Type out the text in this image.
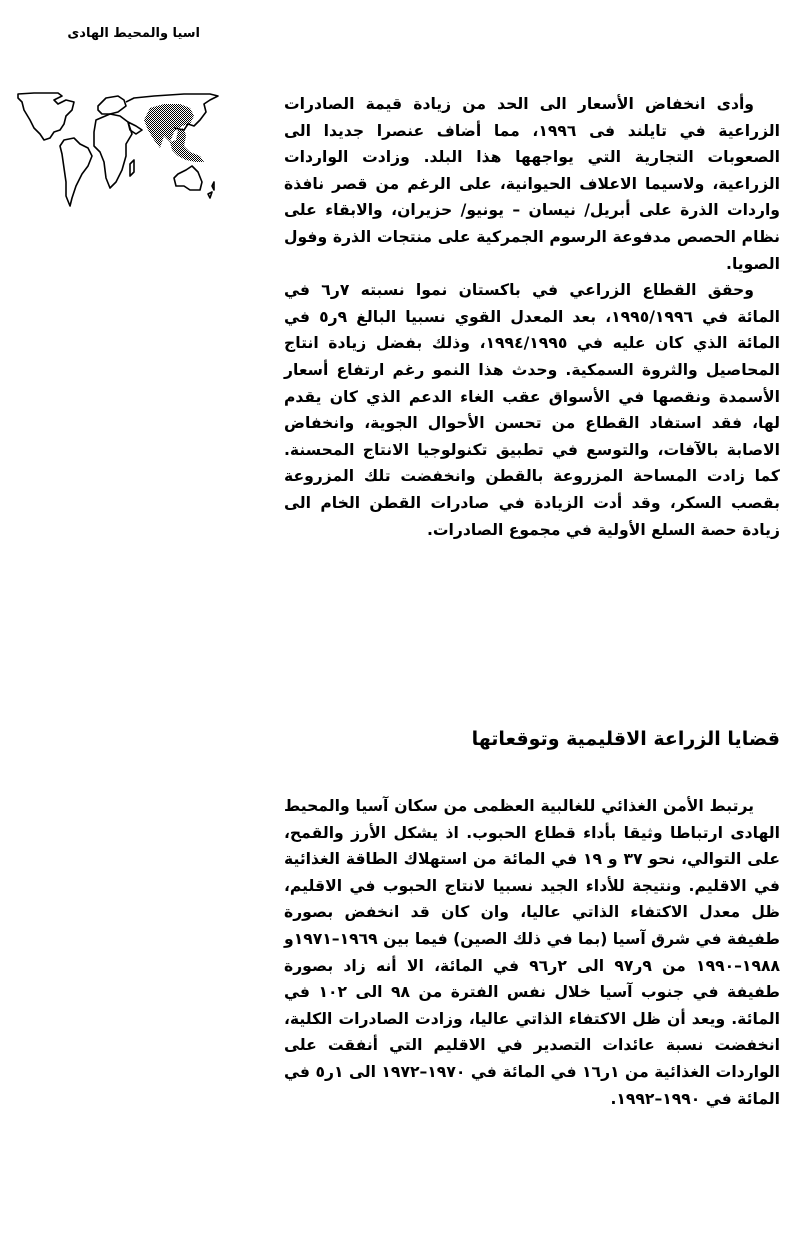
اسيا والمحيط الهادى

وأدى انخفاض الأسعار الى الحد من زيادة قيمة الصادرات الزراعية في تايلند فى ١٩٩٦، مما أضاف عنصرا جديدا الى الصعوبات التجارية التي يواجهها هذا البلد. وزادت الواردات الزراعية، ولاسيما الاعلاف الحيوانية، على الرغم من قصر نافذة واردات الذرة على أبريل/ نيسان – يونيو/ حزيران، والابقاء على نظام الحصص مدفوعة الرسوم الجمركية على منتجات الذرة وفول الصويا.

وحقق القطاع الزراعي في باكستان نموا نسبته ٧ر٦ في المائة في ١٩٩٥/١٩٩٦، بعد المعدل القوي نسبيا البالغ ٩ر٥ في المائة الذي كان عليه في ١٩٩٤/١٩٩٥، وذلك بفضل زيادة انتاج المحاصيل والثروة السمكية. وحدث هذا النمو رغم ارتفاع أسعار الأسمدة ونقصها في الأسواق عقب الغاء الدعم الذي كان يقدم لها، فقد استفاد القطاع من تحسن الأحوال الجوية، وانخفاض الاصابة بالآفات، والتوسع في تطبيق تكنولوجيا الانتاج المحسنة. كما زادت المساحة المزروعة بالقطن وانخفضت تلك المزروعة بقصب السكر، وقد أدت الزيادة في صادرات القطن الخام الى زيادة حصة السلع الأولية في مجموع الصادرات.

قضايا الزراعة الاقليمية وتوقعاتها

يرتبط الأمن الغذائي للغالبية العظمى من سكان آسيا والمحيط الهادى ارتباطا وثيقا بأداء قطاع الحبوب. اذ يشكل الأرز والقمح، على التوالي، نحو ٣٧ و ١٩ في المائة من استهلاك الطاقة الغذائية في الاقليم. ونتيجة للأداء الجيد نسبيا لانتاج الحبوب في الاقليم، ظل معدل الاكتفاء الذاتي عاليا، وان كان قد انخفض بصورة طفيفة في شرق آسيا (بما في ذلك الصين) فيما بين ١٩٦٩–١٩٧١و ١٩٨٨–١٩٩٠ من ٩ر٩٧ الى ٢ر٩٦ في المائة، الا أنه زاد بصورة طفيفة في جنوب آسيا خلال نفس الفترة من ٩٨ الى ١٠٢ في المائة. ويعد أن ظل الاكتفاء الذاتي عاليا، وزادت الصادرات الكلية، انخفضت نسبة عائدات التصدير في الاقليم التي أنفقت على الواردات الغذائية من ١ر١٦ في المائة في ١٩٧٠–١٩٧٢ الى ١ر٥ في المائة في ١٩٩٠–١٩٩٢.
